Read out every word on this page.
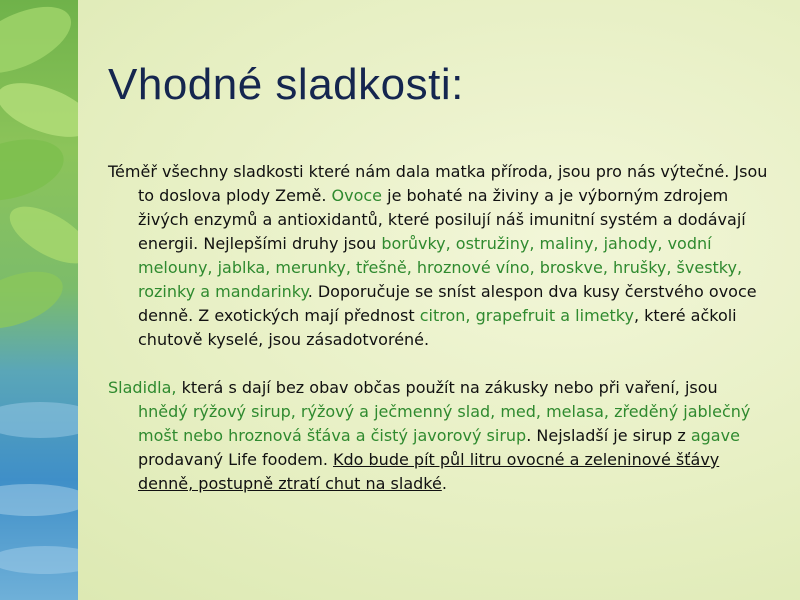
Vhodné sladkosti:

Téměř všechny sladkosti které nám dala matka příroda, jsou pro nás výtečné. Jsou to doslova plody Země. Ovoce je bohaté na živiny a je výborným zdrojem živých enzymů a antioxidantů, které posilují náš imunitní systém a dodávají energii. Nejlepšími druhy jsou borůvky, ostružiny, maliny, jahody, vodní melouny, jablka, merunky, třešně, hroznové víno, broskve, hrušky, švestky, rozinky a mandarinky. Doporučuje se sníst alespon dva kusy čerstvého ovoce denně. Z exotických mají přednost citron, grapefruit a limetky, které ačkoli chutově kyselé, jsou zásadotvoréné.

Sladidla, která s dají bez obav občas použít na zákusky nebo při vaření, jsou hnědý rýžový sirup, rýžový a ječmenný slad, med, melasa, zředěný jablečný mošt nebo hroznová šťáva a čistý javorový sirup. Nejsladší je sirup z agave prodavaný Life foodem. Kdo bude pít půl litru ovocné a zeleninové šťávy denně, postupně ztratí chut na sladké.
